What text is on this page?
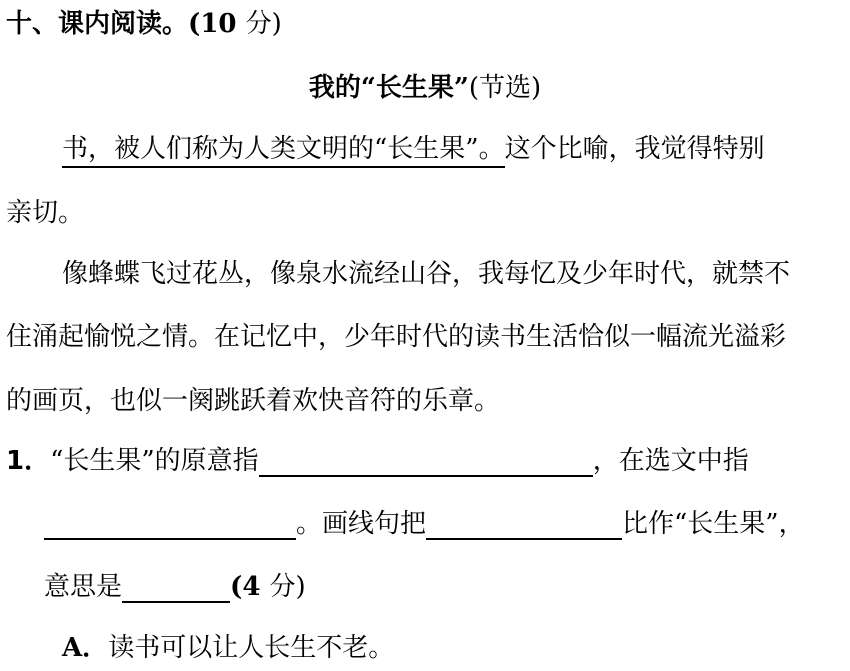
十、课内阅读。(10 分)
我的“长生果”(节选)
书，被人们称为人类文明的“长生果”。这个比喻，我觉得特别
亲切。
像蜂蝶飞过花丛，像泉水流经山谷，我每忆及少年时代，就禁不
住涌起愉悦之情。在记忆中，少年时代的读书生活恰似一幅流光溢彩
的画页，也似一阕跳跃着欢快音符的乐章。
1．“长生果”的原意指	，在选文中指
。画线句把	比作“长生果”，
意思是	(4 分)
A．读书可以让人长生不老。
